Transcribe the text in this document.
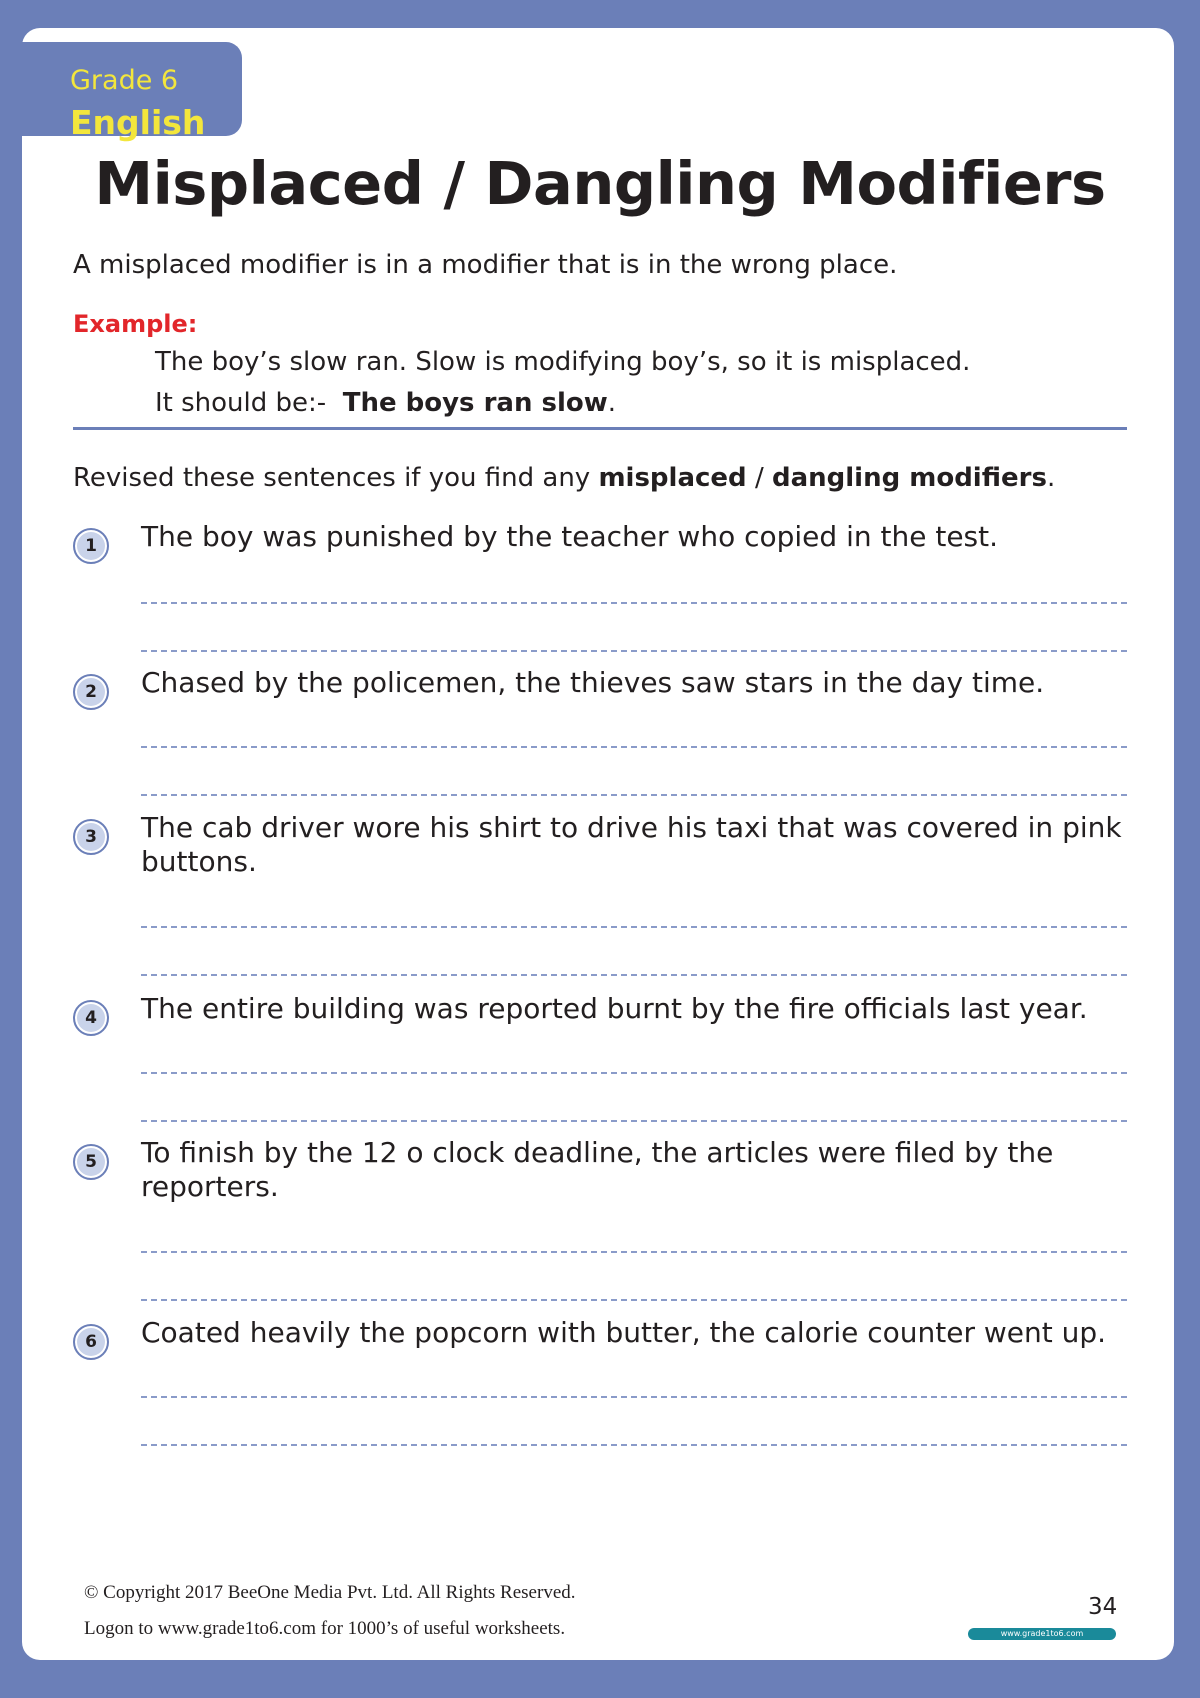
Grade 6
English
Misplaced / Dangling Modifiers
A misplaced modifier is in a modifier that is in the wrong place.
Example:
The boy’s slow ran. Slow is modifying boy’s, so it is misplaced.
It should be:- The boys ran slow.
Revised these sentences if you find any misplaced / dangling modifiers.
1	The boy was punished by the teacher who copied in the test.
2	Chased by the policemen, the thieves saw stars in the day time.
3	The cab driver wore his shirt to drive his taxi that was covered in pink buttons.
4	The entire building was reported burnt by the fire officials last year.
5	To finish by the 12 o clock deadline, the articles were filed by the reporters.
6	Coated heavily the popcorn with butter, the calorie counter went up.
© Copyright 2017 BeeOne Media Pvt. Ltd. All Rights Reserved.
Logon to www.grade1to6.com for 1000’s of useful worksheets.
34
www.grade1to6.com
